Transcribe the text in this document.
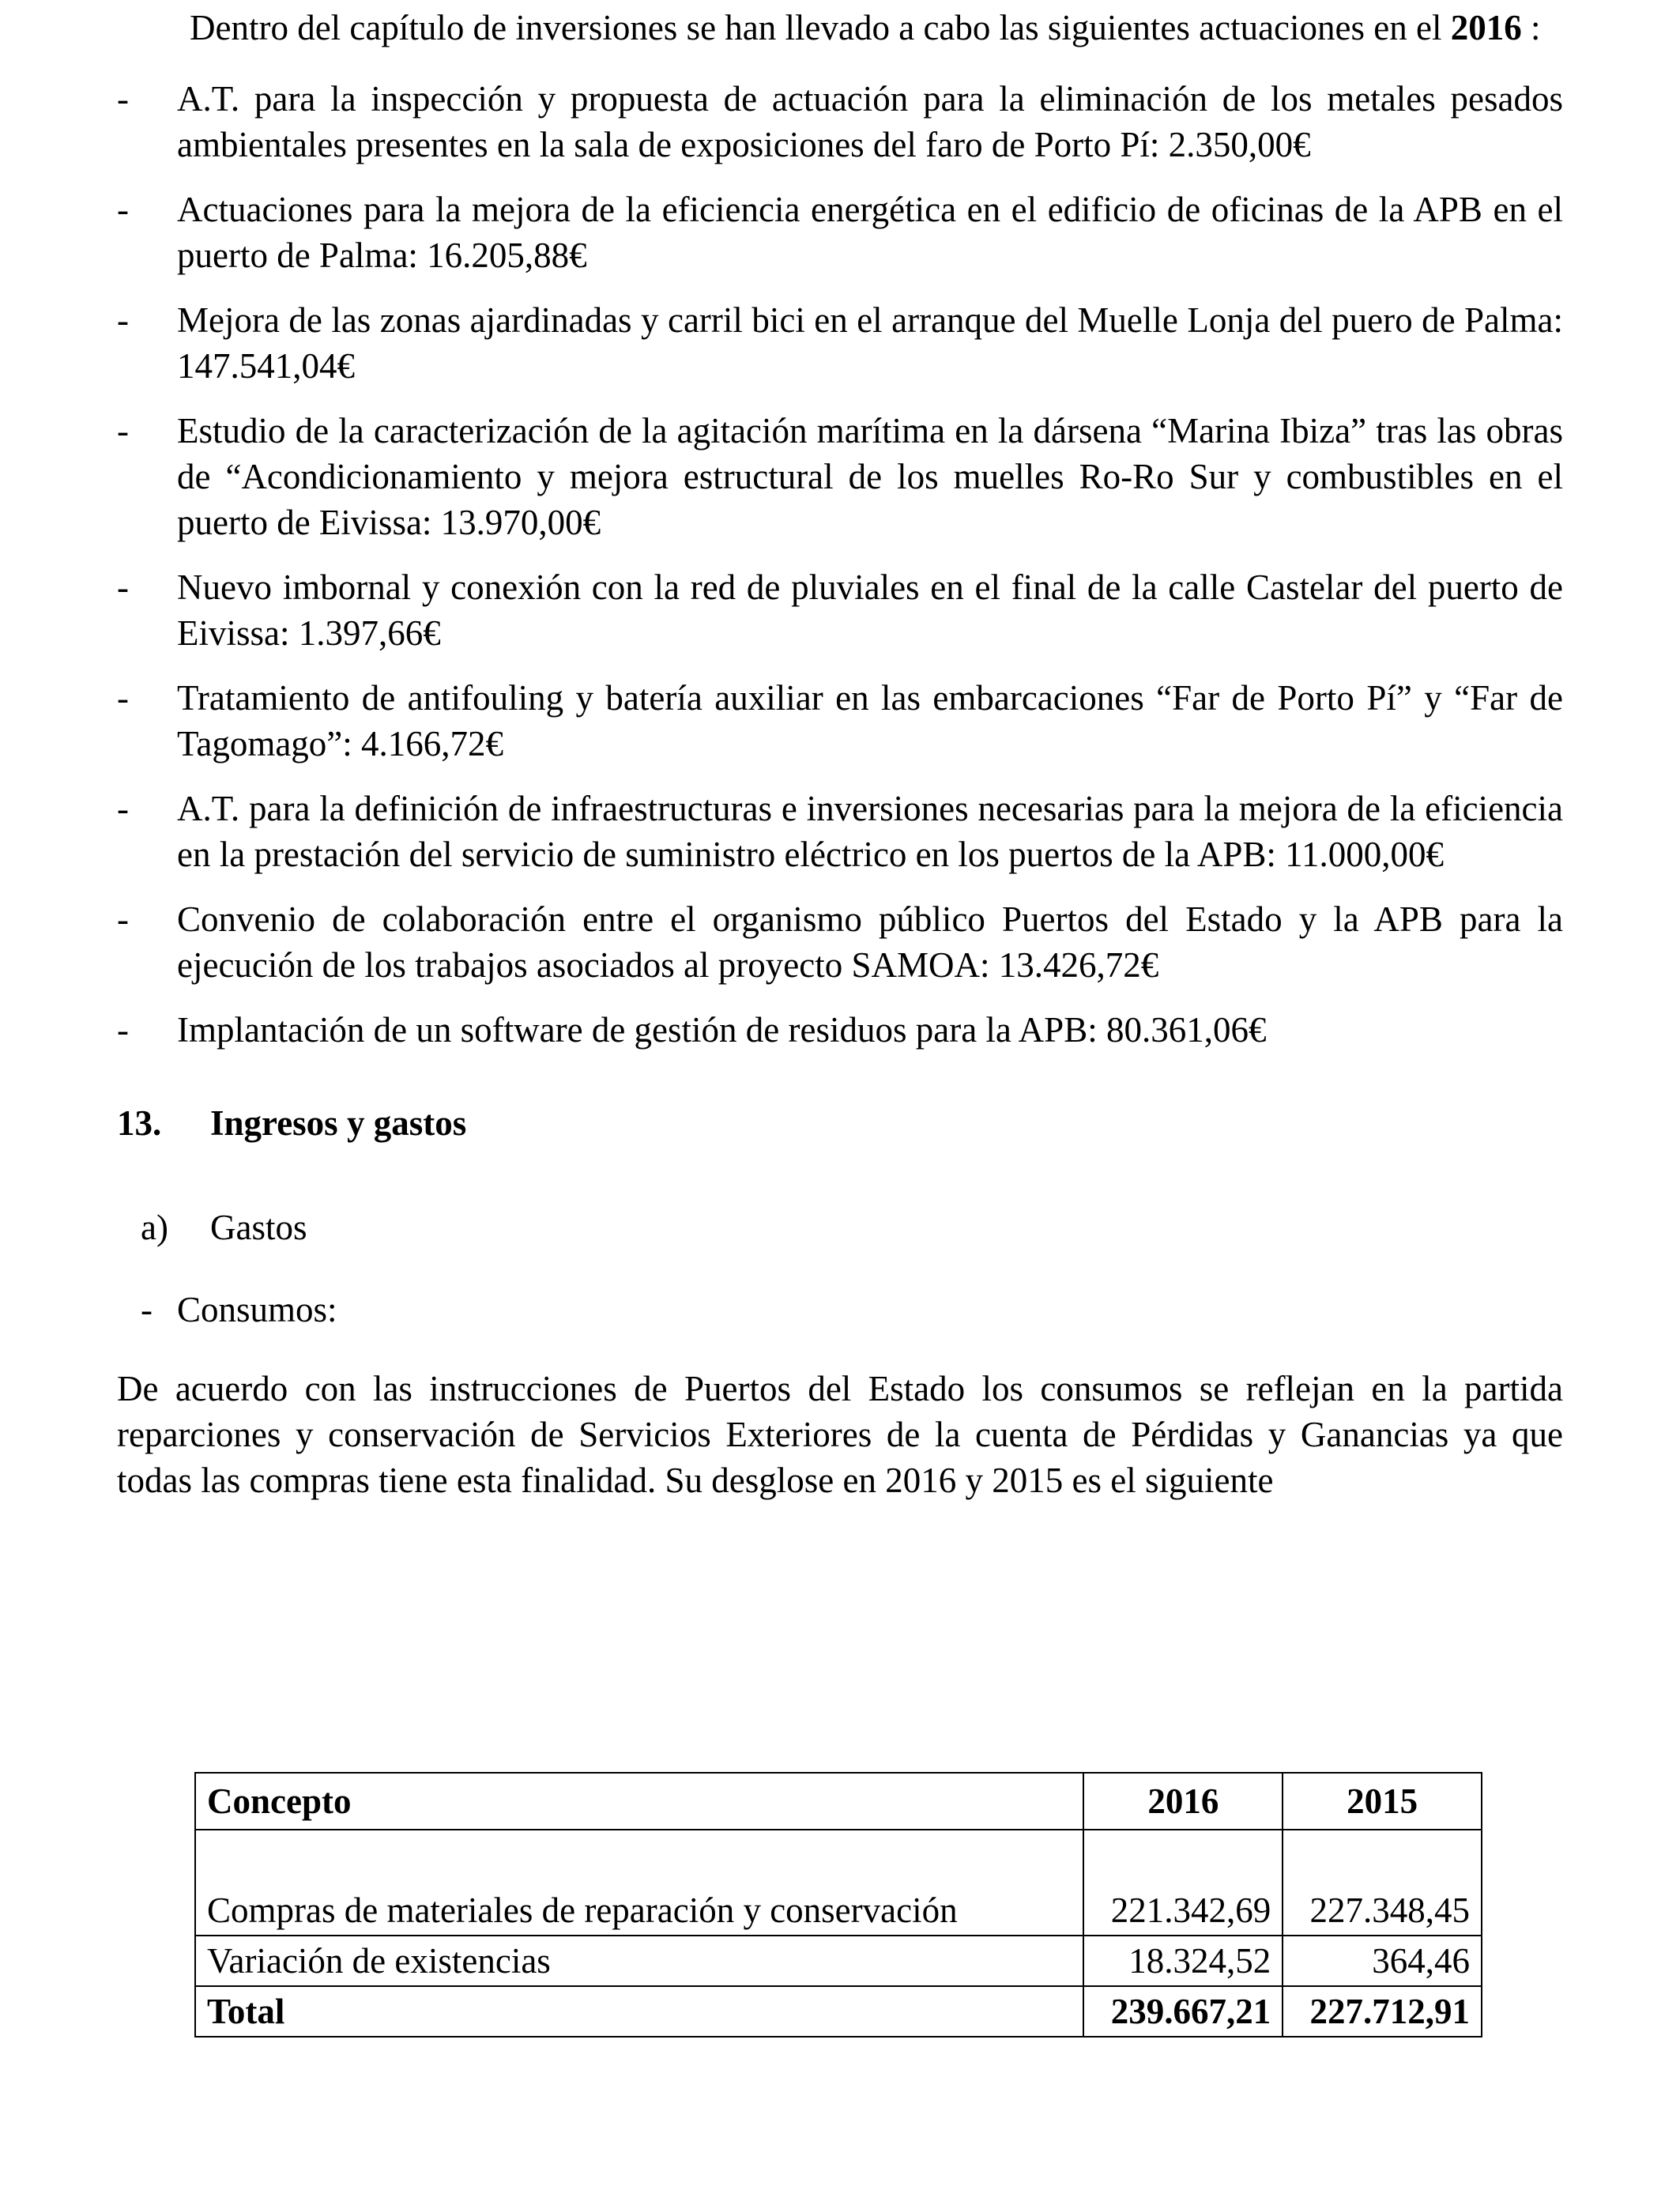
Dentro del capítulo de inversiones se han llevado a cabo las siguientes actuaciones en el 2016 :

- A.T. para la inspección y propuesta de actuación para la eliminación de los metales pesados ambientales presentes en la sala de exposiciones del faro de Porto Pí: 2.350,00€
- Actuaciones para la mejora de la eficiencia energética en el edificio de oficinas de la APB en el puerto de Palma: 16.205,88€
- Mejora de las zonas ajardinadas y carril bici en el arranque del Muelle Lonja del puero de Palma: 147.541,04€
- Estudio de la caracterización de la agitación marítima en la dársena “Marina Ibiza” tras las obras de “Acondicionamiento y mejora estructural de los muelles Ro-Ro Sur y combustibles en el puerto de Eivissa: 13.970,00€
- Nuevo imbornal y conexión con la red de pluviales en el final de la calle Castelar del puerto de Eivissa: 1.397,66€
- Tratamiento de antifouling y batería auxiliar en las embarcaciones “Far de Porto Pí” y “Far de Tagomago”: 4.166,72€
- A.T. para la definición de infraestructuras e inversiones necesarias para la mejora de la eficiencia en la prestación del servicio de suministro eléctrico en los puertos de la APB: 11.000,00€
- Convenio de colaboración entre el organismo público Puertos del Estado y la APB para la ejecución de los trabajos asociados al proyecto SAMOA: 13.426,72€
- Implantación de un software de gestión de residuos para la APB: 80.361,06€
13. Ingresos y gastos
a) Gastos
- Consumos:

De acuerdo con las instrucciones de Puertos del Estado los consumos se reflejan en la partida reparciones y conservación de Servicios Exteriores de la cuenta de Pérdidas y Ganancias ya que todas las compras tiene esta finalidad. Su desglose en 2016 y 2015 es el siguiente

Concepto	2016	2015

Compras de materiales de reparación y conservación	221.342,69	227.348,45
Variación de existencias	18.324,52	364,46
Total	239.667,21	227.712,91
